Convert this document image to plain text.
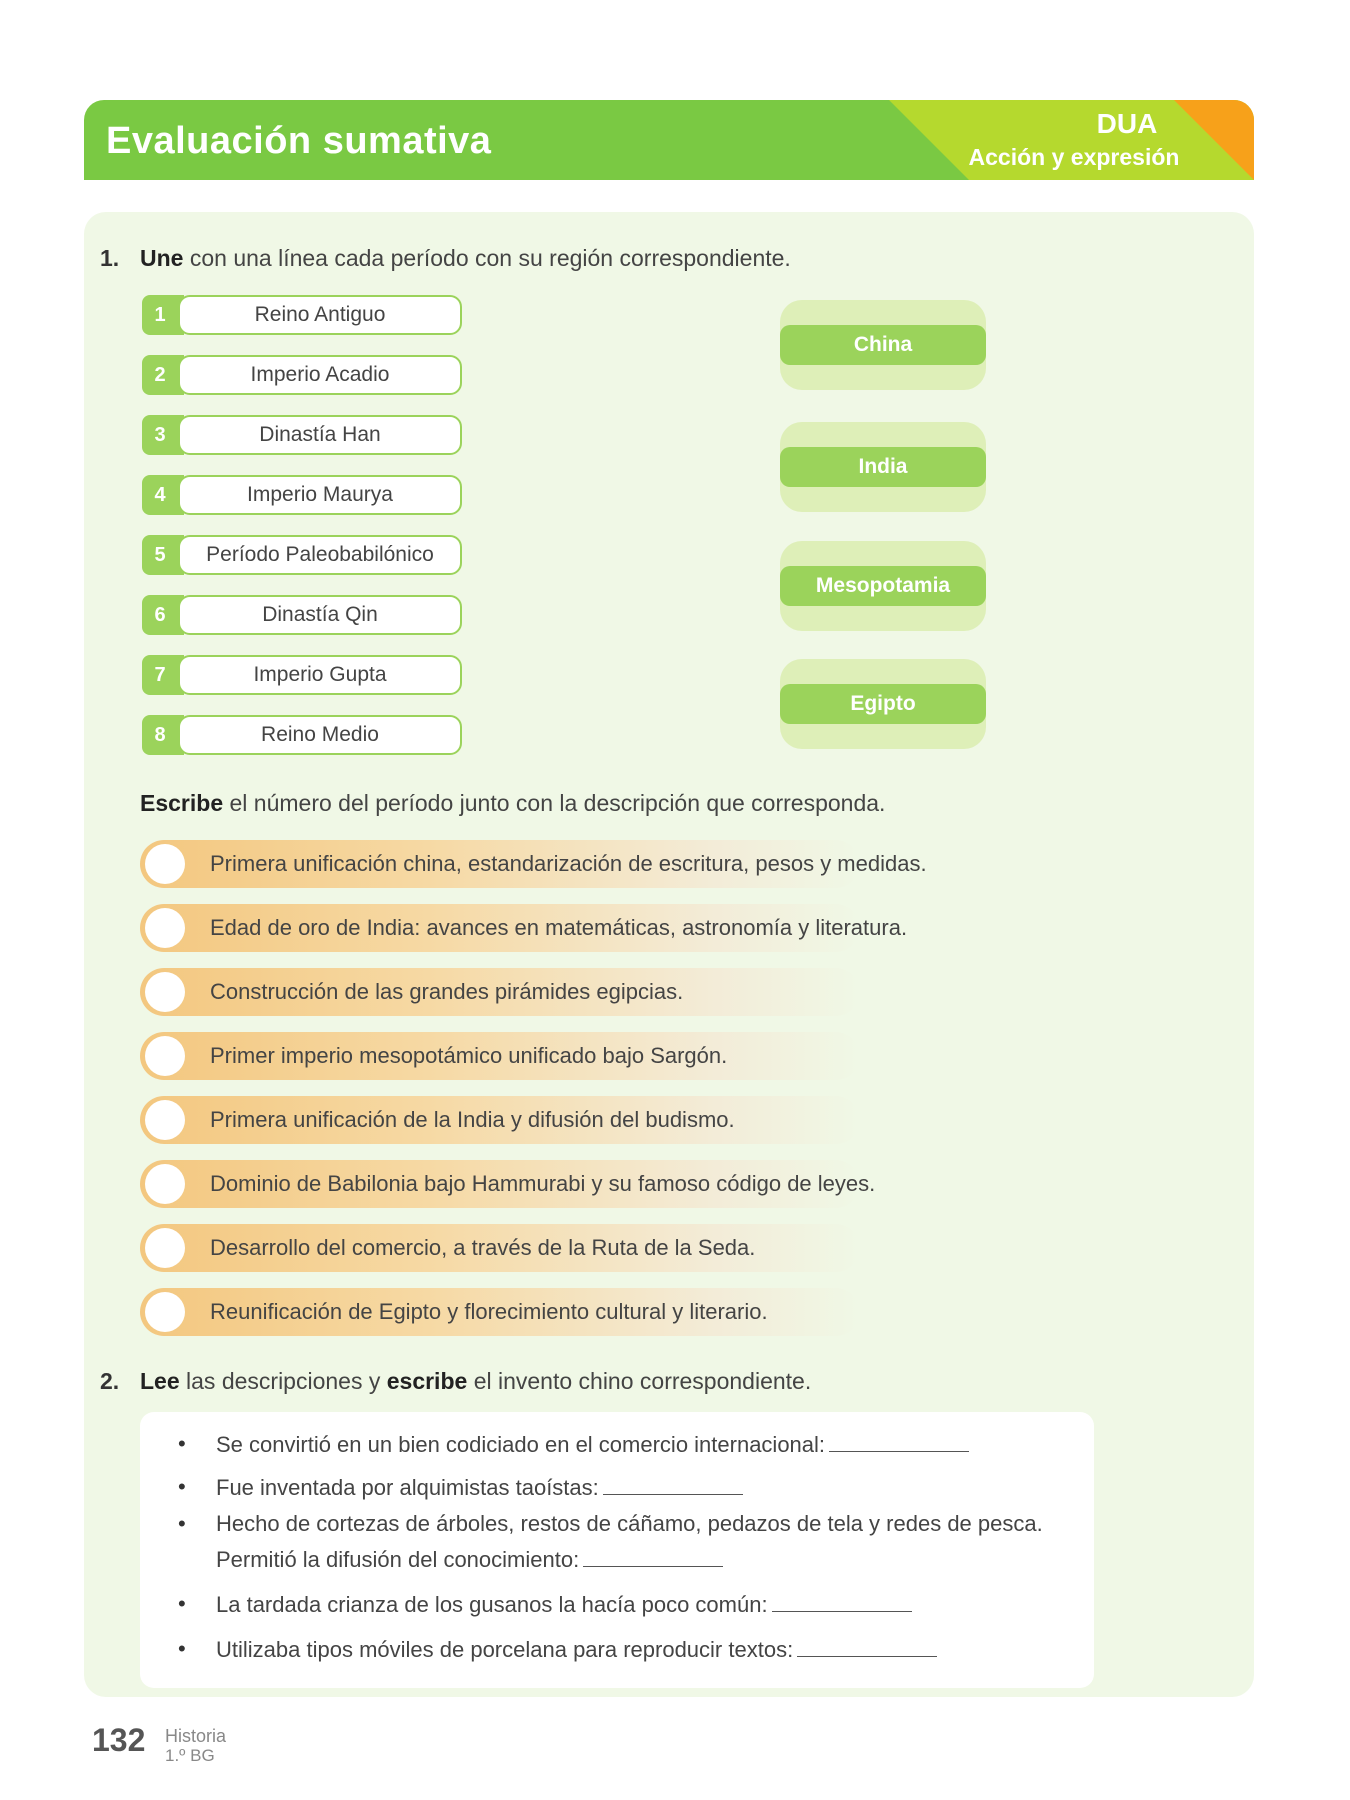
Evaluación sumativa	DUA
Acción y expresión
1. Une con una línea cada período con su región correspondiente.
1	Reino Antiguo
2	Imperio Acadio
3	Dinastía Han
4	Imperio Maurya
5	Período Paleobabilónico
6	Dinastía Qin
7	Imperio Gupta
8	Reino Medio
China
India
Mesopotamia
Egipto
Escribe el número del período junto con la descripción que corresponda.
Primera unificación china, estandarización de escritura, pesos y medidas.
Edad de oro de India: avances en matemáticas, astronomía y literatura.
Construcción de las grandes pirámides egipcias.
Primer imperio mesopotámico unificado bajo Sargón.
Primera unificación de la India y difusión del budismo.
Dominio de Babilonia bajo Hammurabi y su famoso código de leyes.
Desarrollo del comercio, a través de la Ruta de la Seda.
Reunificación de Egipto y florecimiento cultural y literario.
2. Lee las descripciones y escribe el invento chino correspondiente.
• Se convirtió en un bien codiciado en el comercio internacional:
• Fue inventada por alquimistas taoístas:
• Hecho de cortezas de árboles, restos de cáñamo, pedazos de tela y redes de pesca.
Permitió la difusión del conocimiento:
• La tardada crianza de los gusanos la hacía poco común:
• Utilizaba tipos móviles de porcelana para reproducir textos:
132 Historia
1.º BG
